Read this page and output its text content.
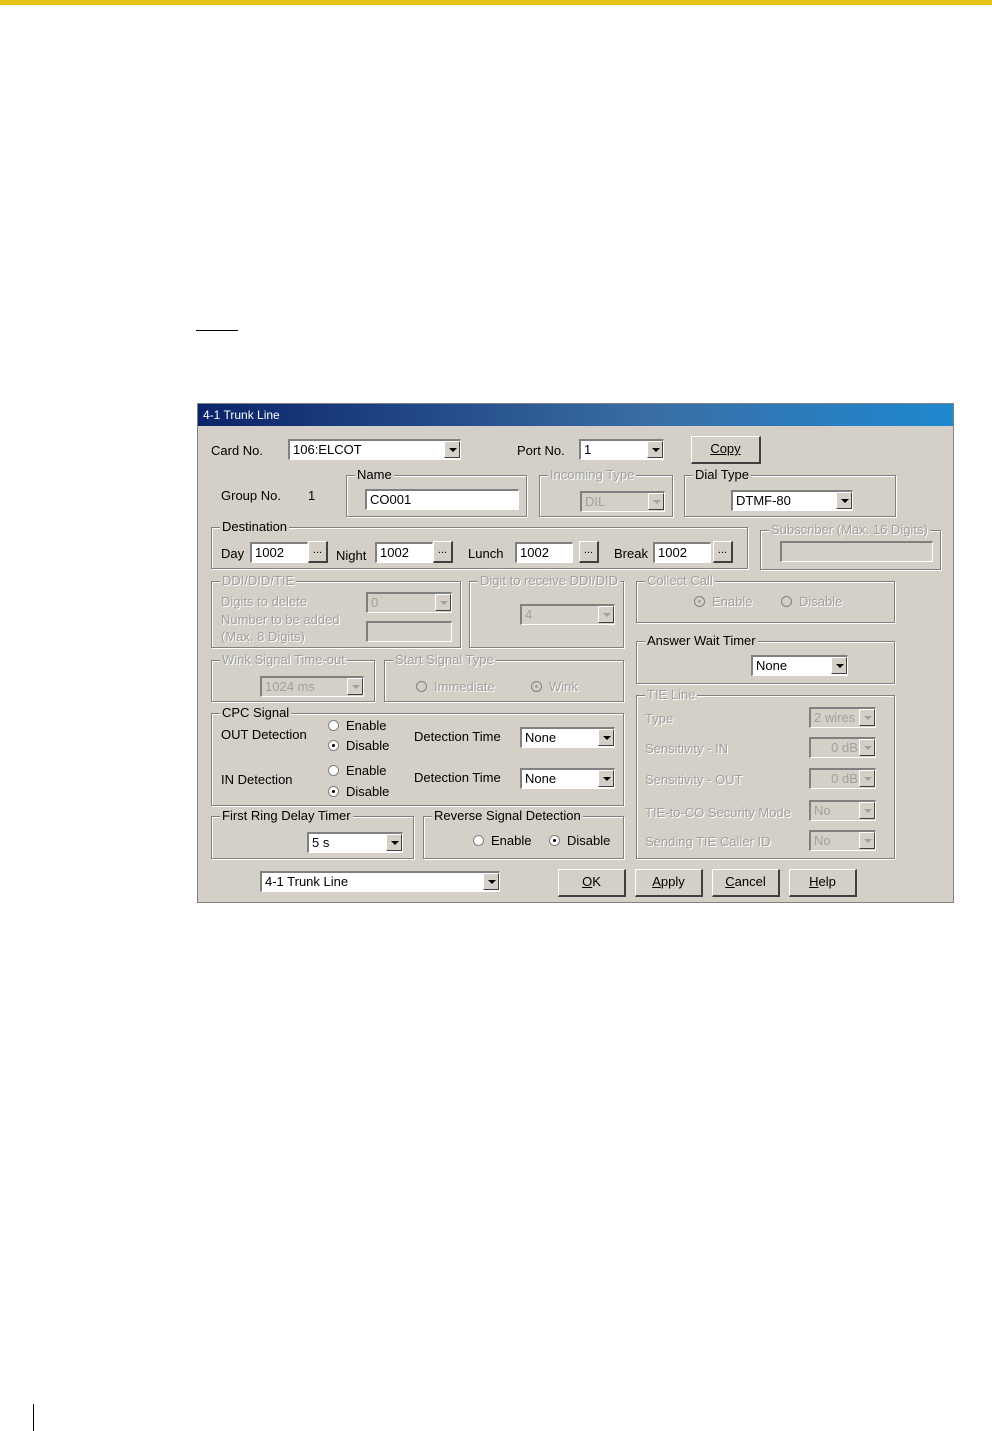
4-1 Trunk Line
Card No.	106:ELCOT	Port No.	1	Copy
Group No. 1
Name
CO001
Incoming Type
DIL
Dial Type
DTMF-80
Destination
Day 1002	...	Night	1002	...	Lunch	1002	...	Break 1002	...
Subscriber (Max. 16 Digits)
DDI/DID/TIE
Digits to delete	0
Number to be added
(Max. 8 Digits)
Digit to receive DDI/DID
4
Collect Call
Enable	Disable
Answer Wait Timer
None
Wink Signal Time-out
1024 ms
Start Signal Type
Immediate	Wink
TIE Line
Type	2 wires
Sensitivity - IN	0 dB
Sensitivity - OUT	0 dB
TIE-to-CO Security Mode	No
Sending TIE Caller ID	No
CPC Signal
OUT Detection
Enable
Disable
Detection Time	None
IN Detection
Enable
Disable
Detection Time	None
First Ring Delay Timer
5 s
Reverse Signal Detection
Enable	Disable
4-1 Trunk Line	OK	Apply	Cancel	Help
